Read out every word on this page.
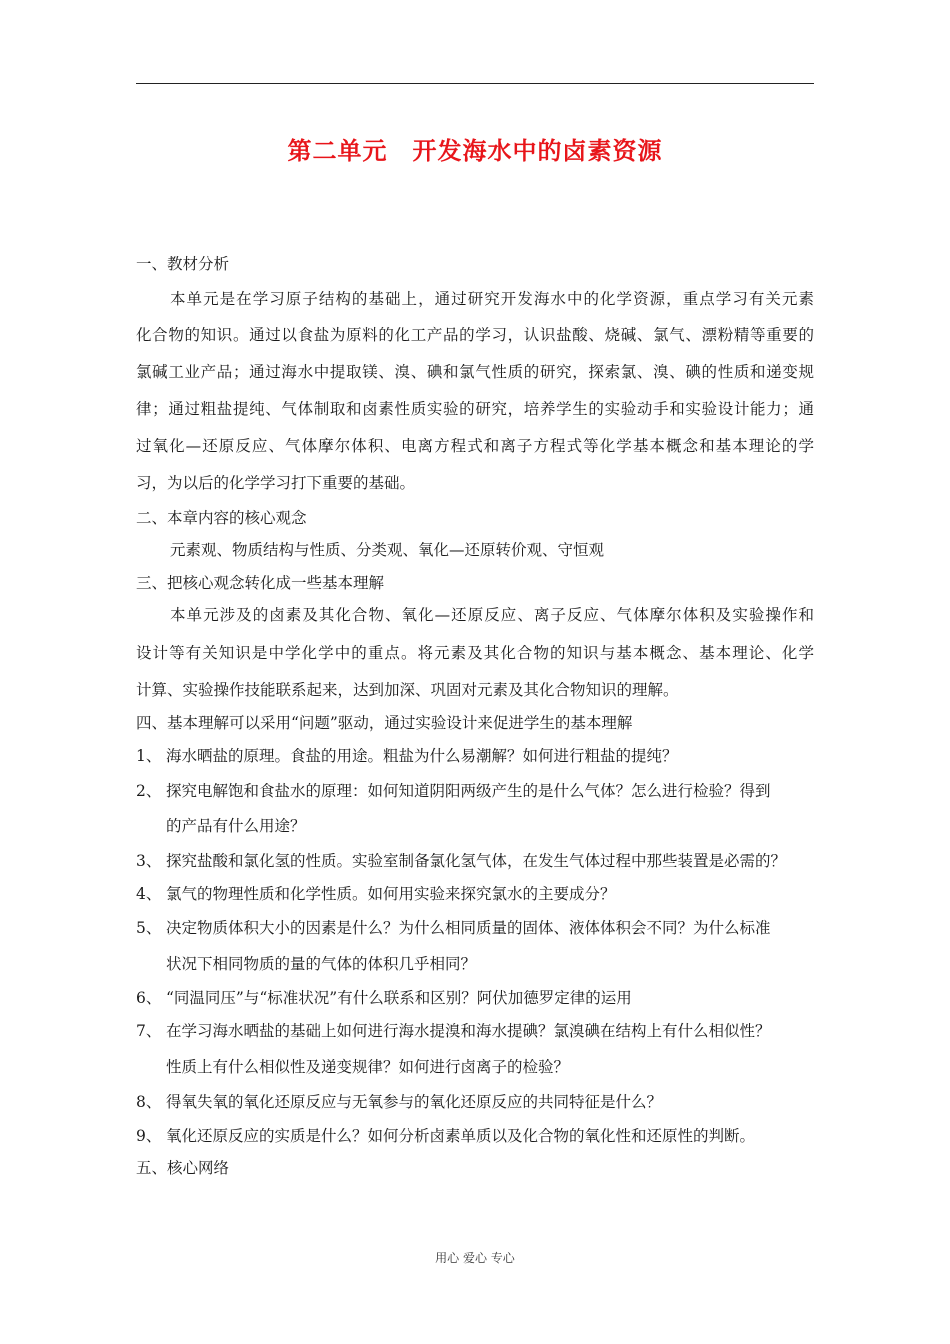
第二单元　开发海水中的卤素资源
一、教材分析
本单元是在学习原子结构的基础上，通过研究开发海水中的化学资源，重点学习有关元素
化合物的知识。通过以食盐为原料的化工产品的学习，认识盐酸、烧碱、氯气、漂粉精等重要的
氯碱工业产品；通过海水中提取镁、溴、碘和氯气性质的研究，探索氯、溴、碘的性质和递变规
律；通过粗盐提纯、气体制取和卤素性质实验的研究，培养学生的实验动手和实验设计能力；通
过氧化—还原反应、气体摩尔体积、电离方程式和离子方程式等化学基本概念和基本理论的学
习，为以后的化学学习打下重要的基础。
二、本章内容的核心观念
元素观、物质结构与性质、分类观、氧化—还原转价观、守恒观
三、把核心观念转化成一些基本理解
本单元涉及的卤素及其化合物、氧化—还原反应、离子反应、气体摩尔体积及实验操作和
设计等有关知识是中学化学中的重点。将元素及其化合物的知识与基本概念、基本理论、化学
计算、实验操作技能联系起来，达到加深、巩固对元素及其化合物知识的理解。
四、基本理解可以采用“问题”驱动，通过实验设计来促进学生的基本理解
1、 海水晒盐的原理。食盐的用途。粗盐为什么易潮解？如何进行粗盐的提纯？
2、 探究电解饱和食盐水的原理：如何知道阴阳两级产生的是什么气体？怎么进行检验？得到
的产品有什么用途？
3、 探究盐酸和氯化氢的性质。实验室制备氯化氢气体，在发生气体过程中那些装置是必需的？
4、 氯气的物理性质和化学性质。如何用实验来探究氯水的主要成分？
5、 决定物质体积大小的因素是什么？为什么相同质量的固体、液体体积会不同？为什么标准
状况下相同物质的量的气体的体积几乎相同？
6、 “同温同压”与“标准状况”有什么联系和区别？阿伏加德罗定律的运用
7、 在学习海水晒盐的基础上如何进行海水提溴和海水提碘？氯溴碘在结构上有什么相似性？
性质上有什么相似性及递变规律？如何进行卤离子的检验？
8、 得氧失氧的氧化还原反应与无氧参与的氧化还原反应的共同特征是什么？
9、 氧化还原反应的实质是什么？如何分析卤素单质以及化合物的氧化性和还原性的判断。
五、核心网络
用心 爱心 专心
